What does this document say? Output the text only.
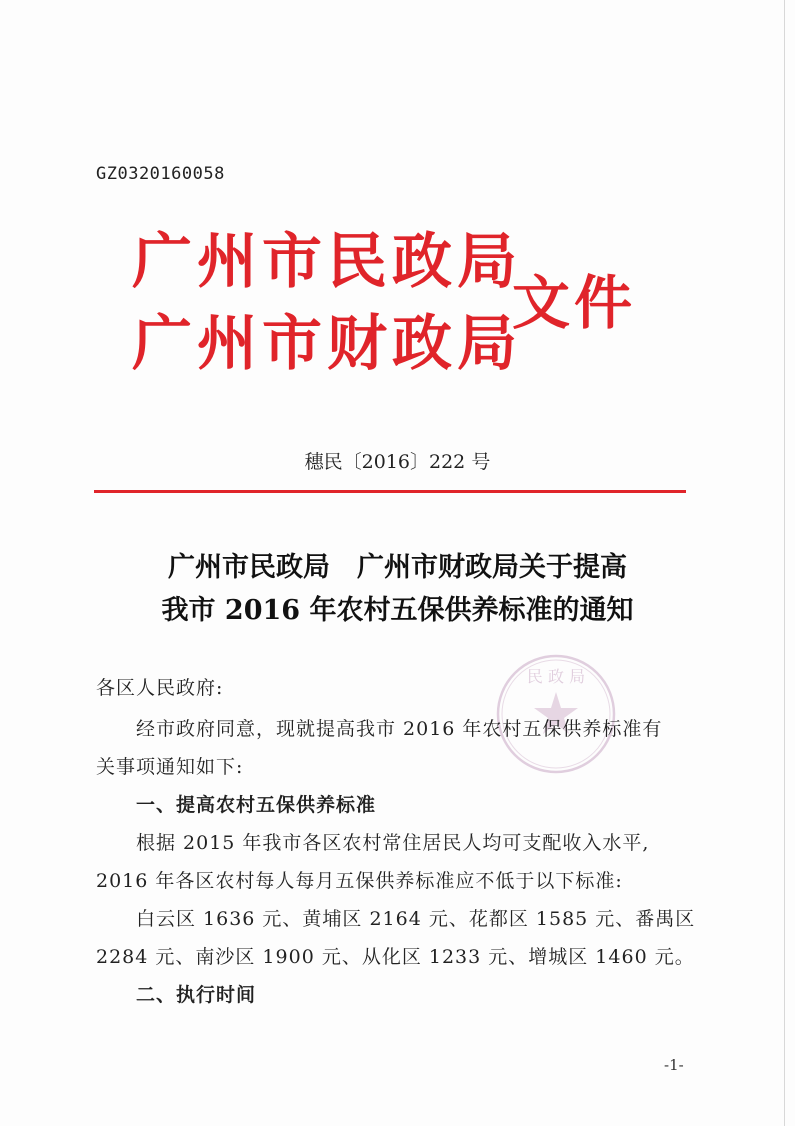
GZ0320160058
广州市民政局
广州市财政局
文件
穗民〔2016〕222 号
广州市民政局　广州市财政局关于提高
我市 2016 年农村五保供养标准的通知
民 政 局
各区人民政府:
经市政府同意，现就提高我市 2016 年农村五保供养标准有
关事项通知如下:
一、提高农村五保供养标准
根据 2015 年我市各区农村常住居民人均可支配收入水平,
2016 年各区农村每人每月五保供养标准应不低于以下标准:
白云区 1636 元、黄埔区 2164 元、花都区 1585 元、番禺区
2284 元、南沙区 1900 元、从化区 1233 元、增城区 1460 元。
二、执行时间
-1-
